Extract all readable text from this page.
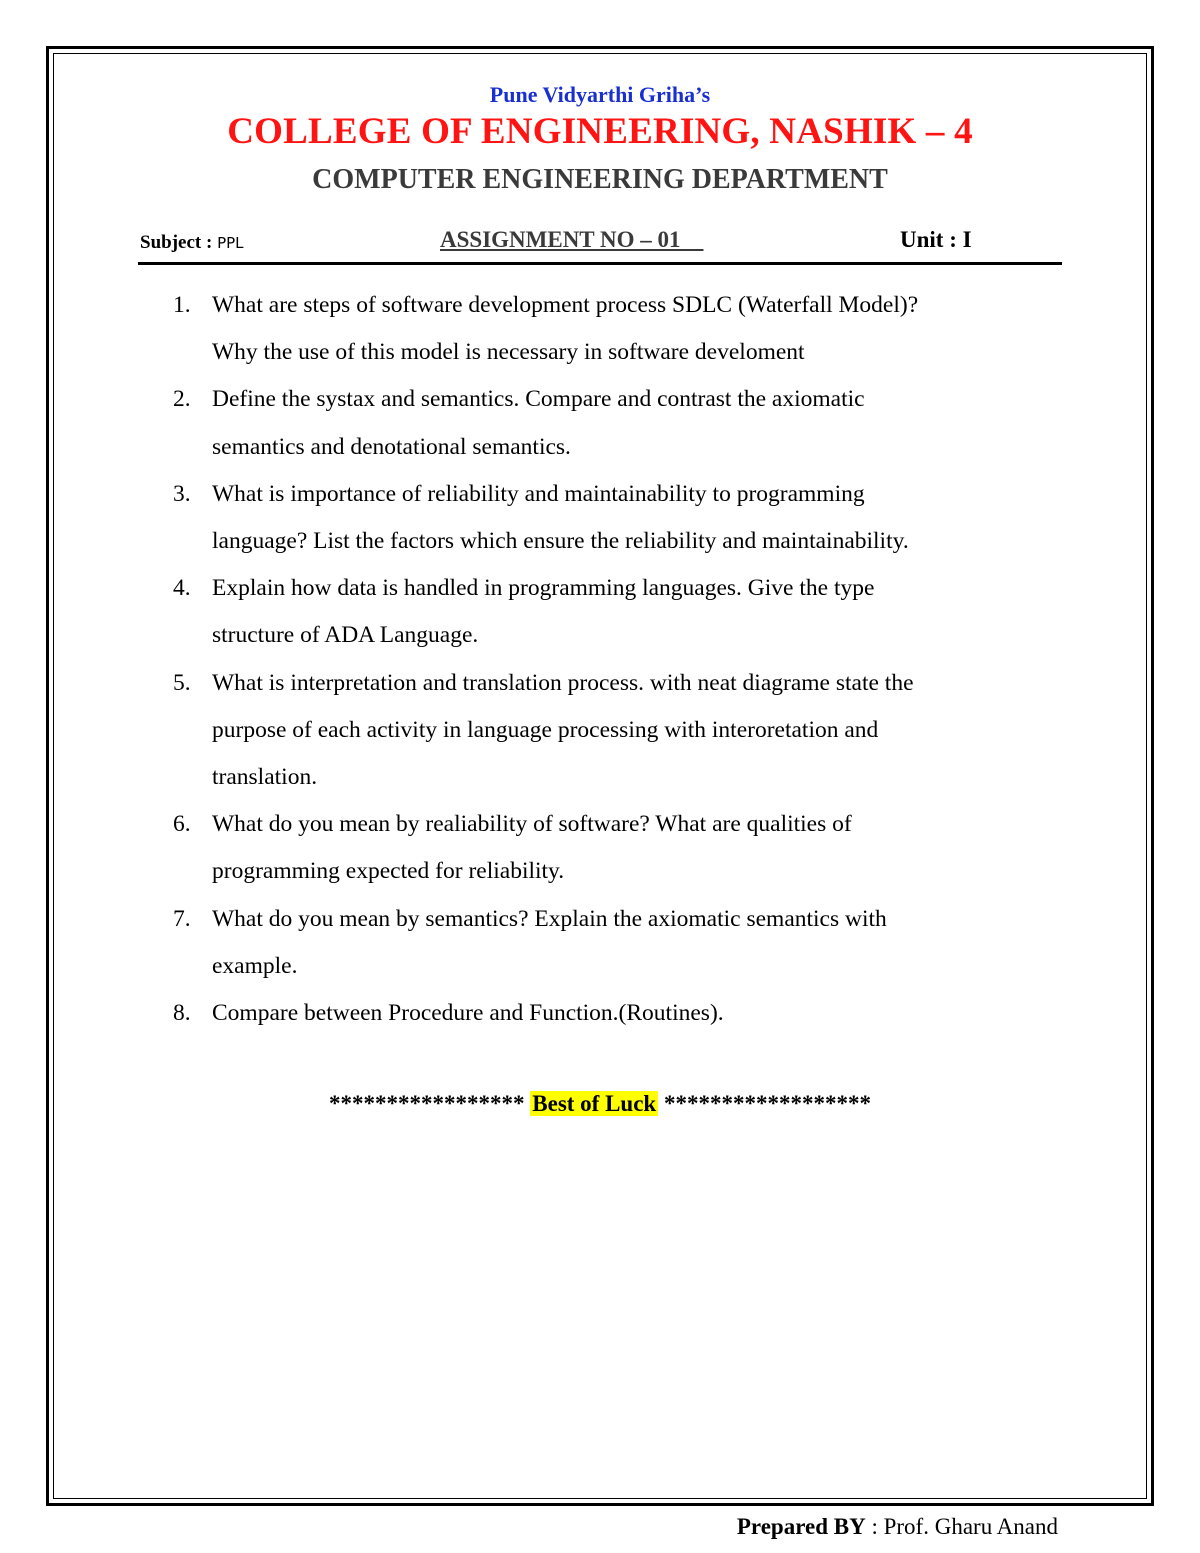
Pune Vidyarthi Griha’s
COLLEGE OF ENGINEERING, NASHIK – 4
COMPUTER ENGINEERING DEPARTMENT
Subject : PPL	ASSIGNMENT NO – 01	Unit : I
1. What are steps of software development process SDLC (Waterfall Model)?
Why the use of this model is necessary in software develoment
2. Define the systax and semantics. Compare and contrast the axiomatic
semantics and denotational semantics.
3. What is importance of reliability and maintainability to programming
language? List the factors which ensure the reliability and maintainability.
4. Explain how data is handled in programming languages. Give the type
structure of ADA Language.
5. What is interpretation and translation process. with neat diagrame state the
purpose of each activity in language processing with interoretation and
translation.
6. What do you mean by realiability of software? What are qualities of
programming expected for reliability.
7. What do you mean by semantics? Explain the axiomatic semantics with
example.
8. Compare between Procedure and Function.(Routines).
***************** Best of Luck ******************
Prepared BY : Prof. Gharu Anand
